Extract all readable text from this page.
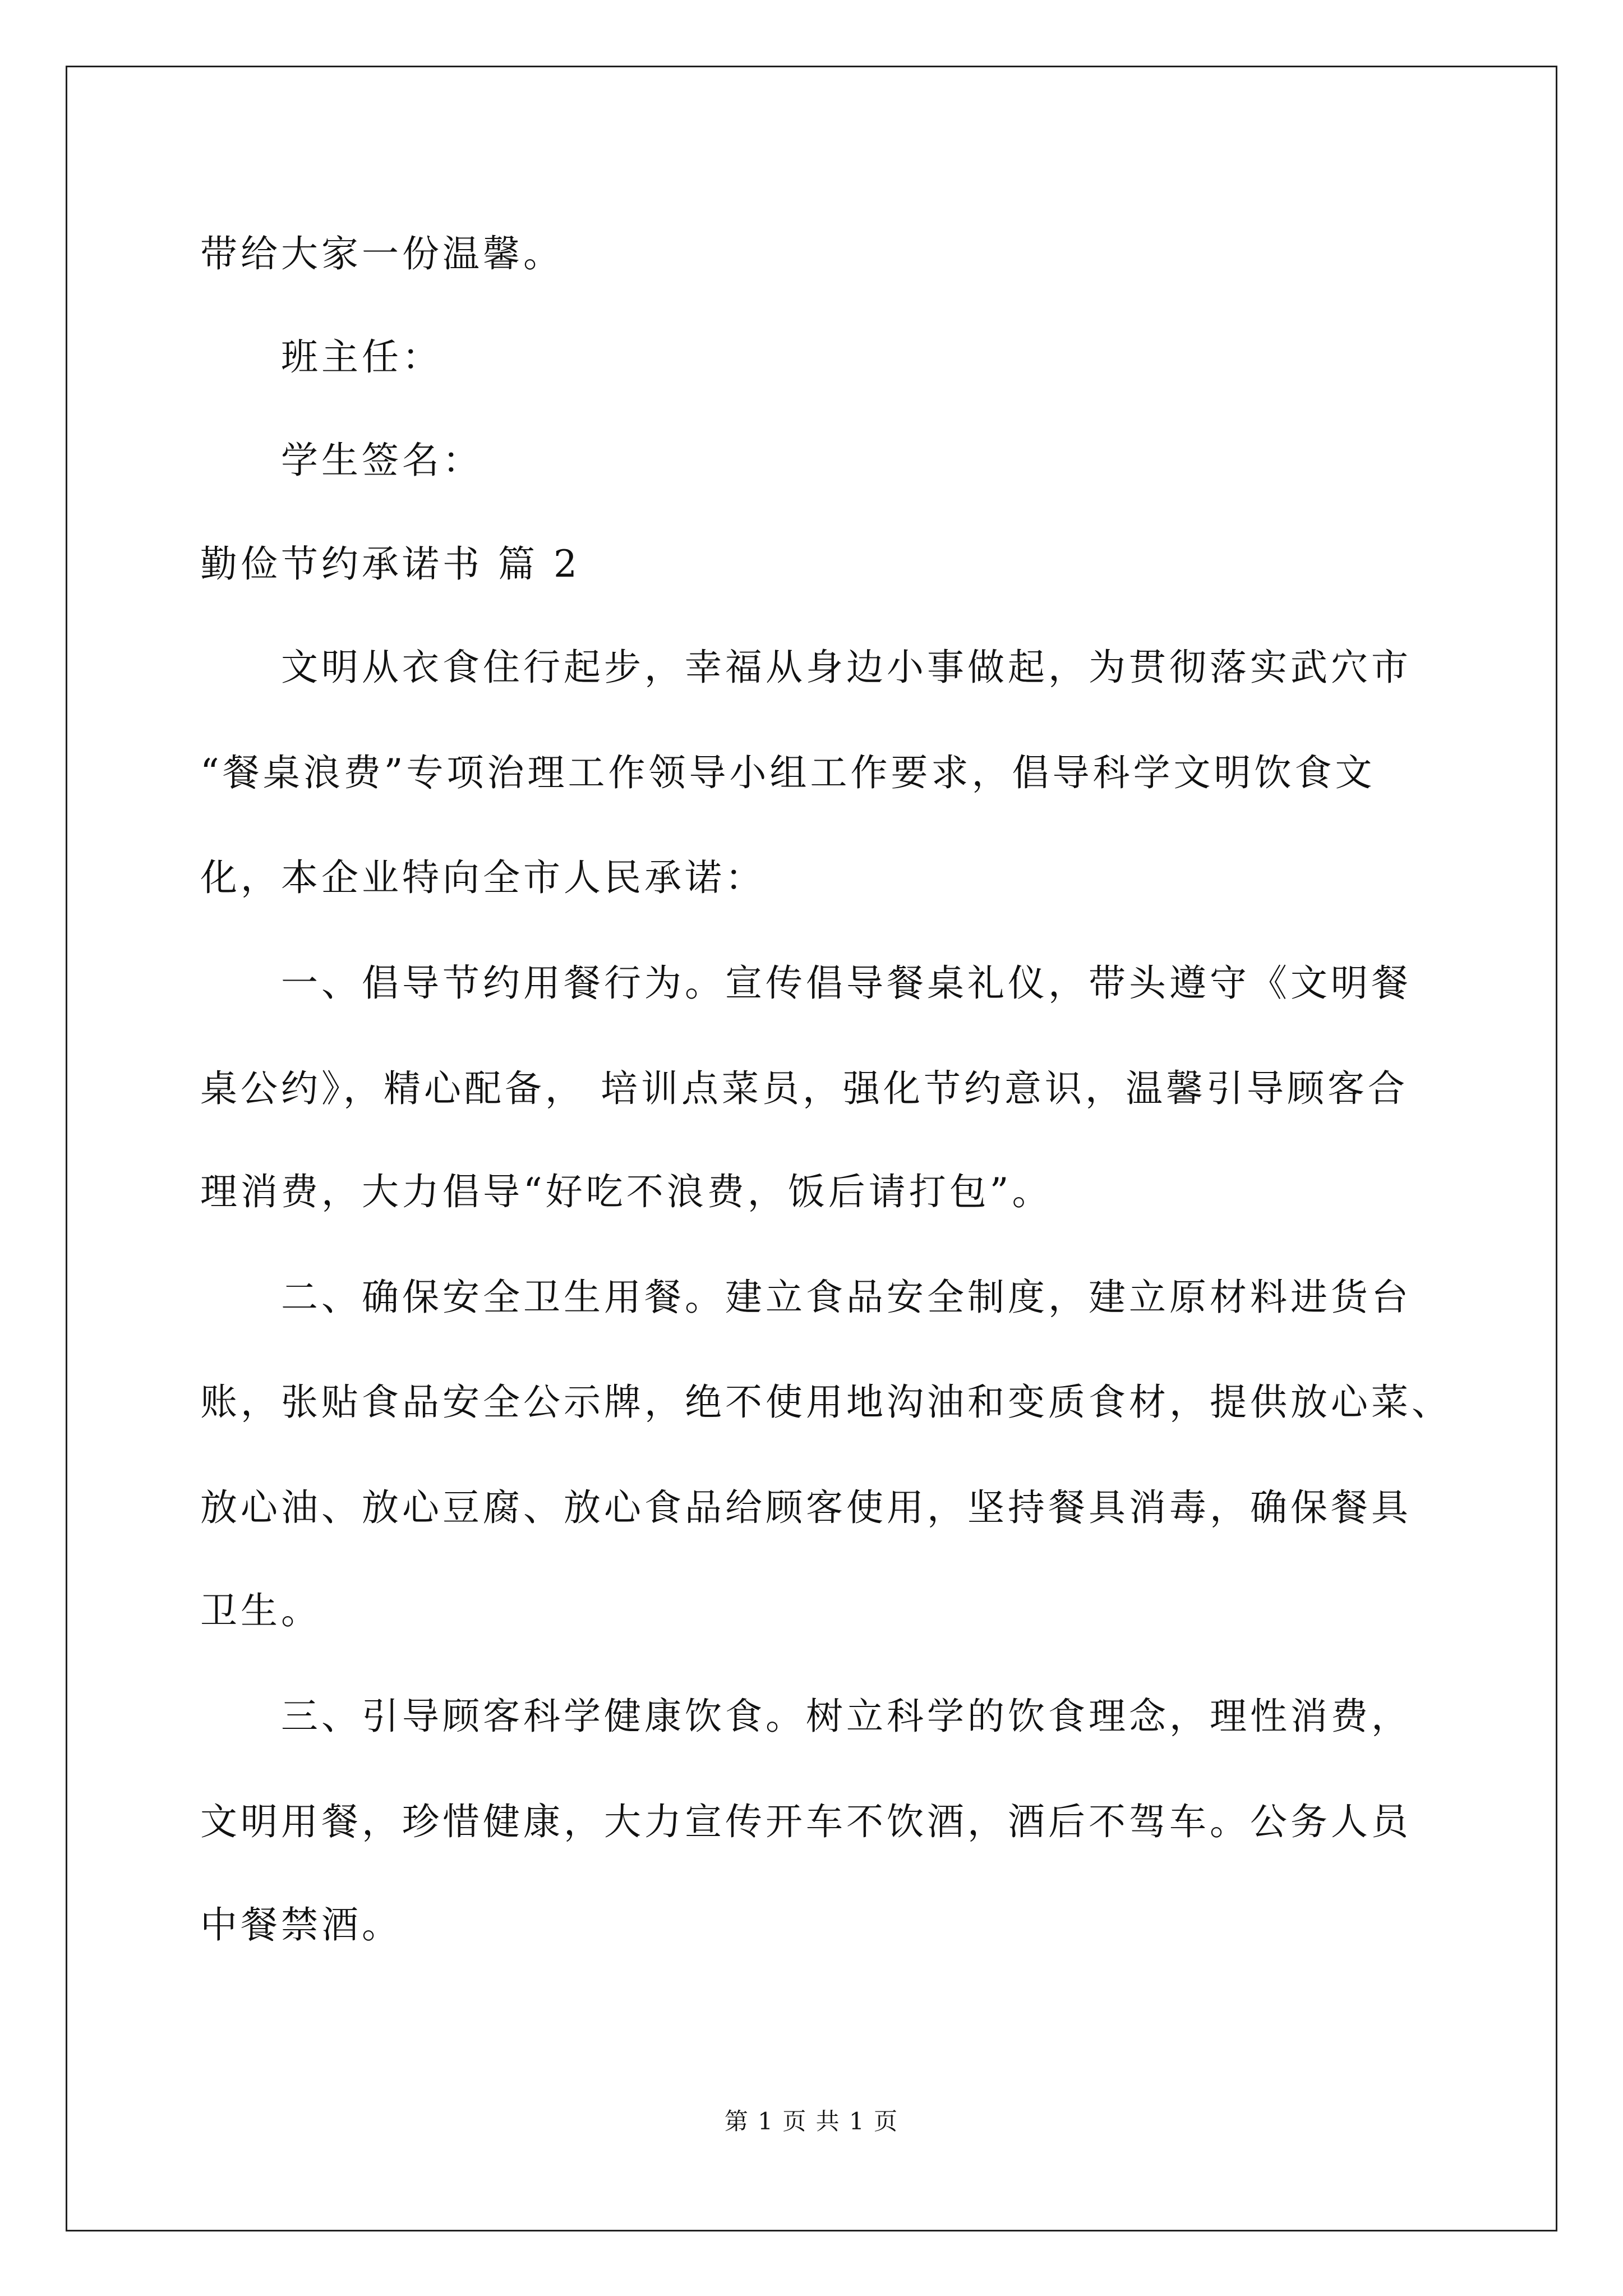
带给大家一份温馨。
班主任：
学生签名：
勤俭节约承诺书 篇 2
文明从衣食住行起步，幸福从身边小事做起，为贯彻落实武穴市
“餐桌浪费”专项治理工作领导小组工作要求，倡导科学文明饮食文
化，本企业特向全市人民承诺：
一、倡导节约用餐行为。宣传倡导餐桌礼仪，带头遵守《文明餐
桌公约》，精心配备， 培训点菜员，强化节约意识，温馨引导顾客合
理消费，大力倡导“好吃不浪费，饭后请打包”。
二、确保安全卫生用餐。建立食品安全制度，建立原材料进货台
账，张贴食品安全公示牌，绝不使用地沟油和变质食材，提供放心菜、
放心油、放心豆腐、放心食品给顾客使用，坚持餐具消毒，确保餐具
卫生。
三、引导顾客科学健康饮食。树立科学的饮食理念，理性消费，
文明用餐，珍惜健康，大力宣传开车不饮酒，酒后不驾车。公务人员
中餐禁酒。
第 1 页 共 1 页
